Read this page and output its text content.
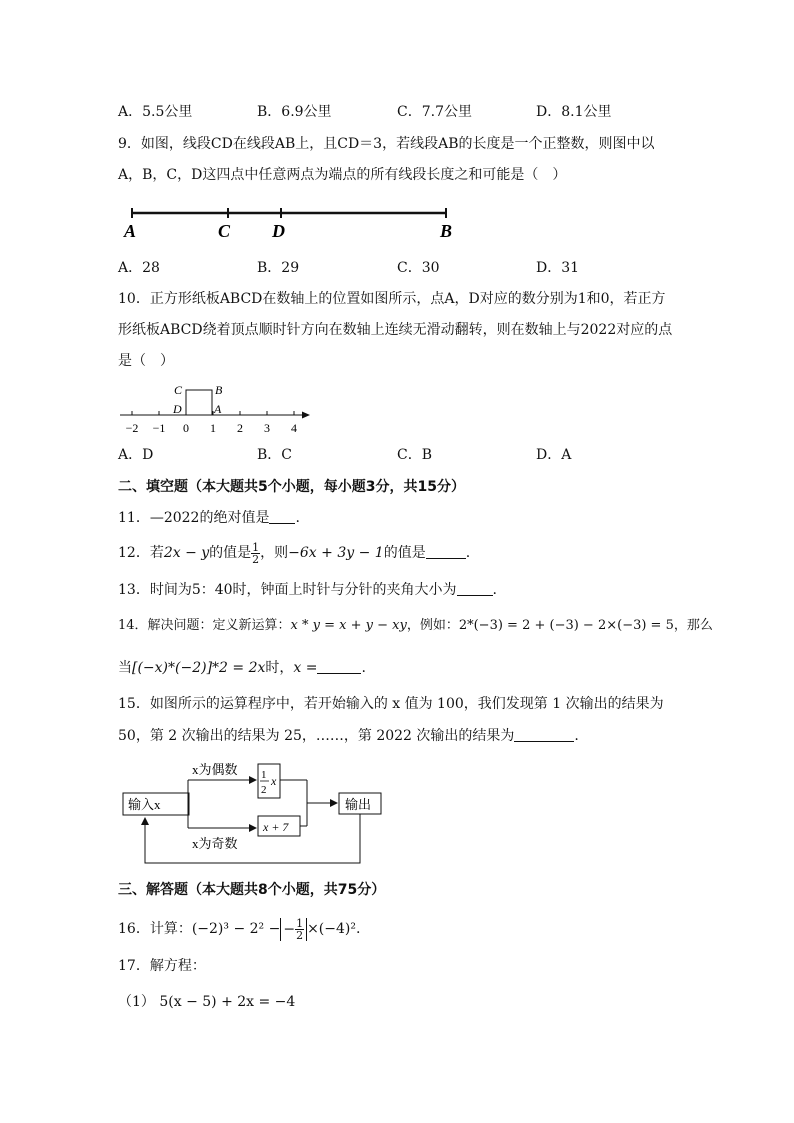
A．5.5公里	B．6.9公里	C．7.7公里	D．8.1公里
9．如图，线段CD在线段AB上，且CD＝3，若线段AB的长度是一个正整数，则图中以
A，B，C，D这四点中任意两点为端点的所有线段长度之和可能是（　）
A	C D	B
A．28	B．29	C．30	D．31
10．正方形纸板ABCD在数轴上的位置如图所示，点A，D对应的数分别为1和0，若正方
形纸板ABCD绕着顶点顺时针方向在数轴上连续无滑动翻转，则在数轴上与2022对应的点
是（　）
−2 −1 0 1 2 3 4
C	B
D	A
A．D	B．C	C．B	D．A
二、填空题（本大题共5个小题，每小题3分，共15分）
11．—2022的绝对值是 .
12．若2x − y的值是 $\frac{1}{2}$ ，则−6x + 3y − 1的值是	.
13．时间为5：40时，钟面上时针与分针的夹角大小为	.
14．解决问题：定义新运算：x * y = x + y − xy，例如：2*(−3) = 2 + (−3) − 2×(−3) = 5，那么
当[(−x)*(−2)]*2 = 2x时，x =	.
15．如图所示的运算程序中，若开始输入的 x 值为 100，我们发现第 1 次输出的结果为
50，第 2 次输出的结果为 25，……，第 2022 次输出的结果为	.
输入x
x为偶数
x为奇数
1
2
x
x + 7
输出
三、解答题（本大题共8个小题，共75分）
16．计算：(−2)³ − 2² − − $\frac{1}{2} \times(-4)^2$.
17．解方程：
（1） 5(x − 5) + 2x = −4
